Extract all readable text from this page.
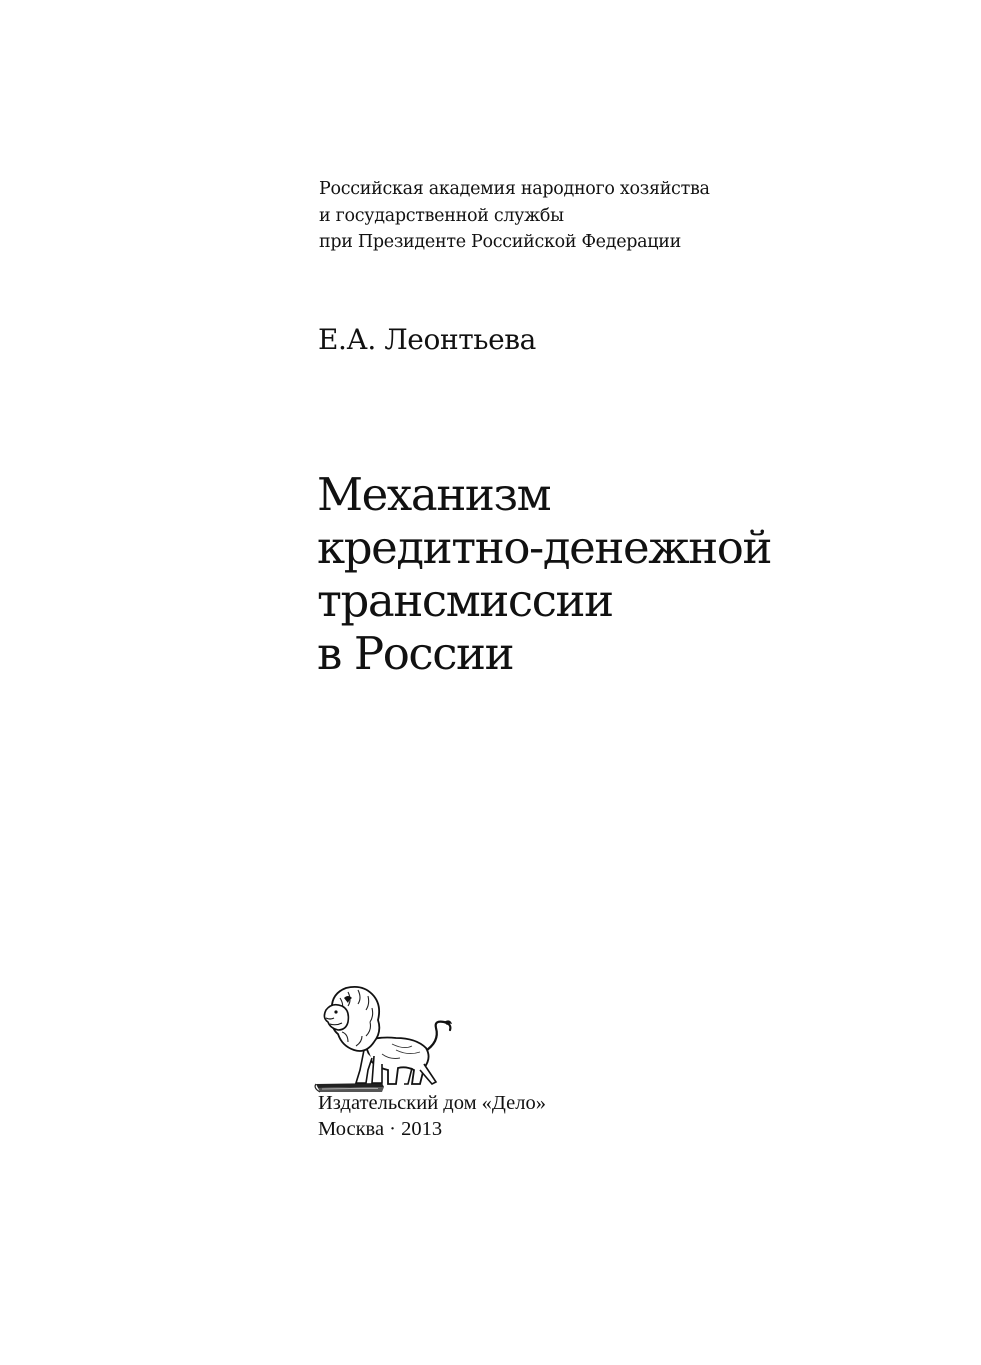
Российская академия народного хозяйства
и государственной службы
при Президенте Российской Федерации
Е.А. Леонтьева
Механизм
кредитно-денежной
трансмиссии
в России
Издательский дом «Дело»
Москва · 2013
